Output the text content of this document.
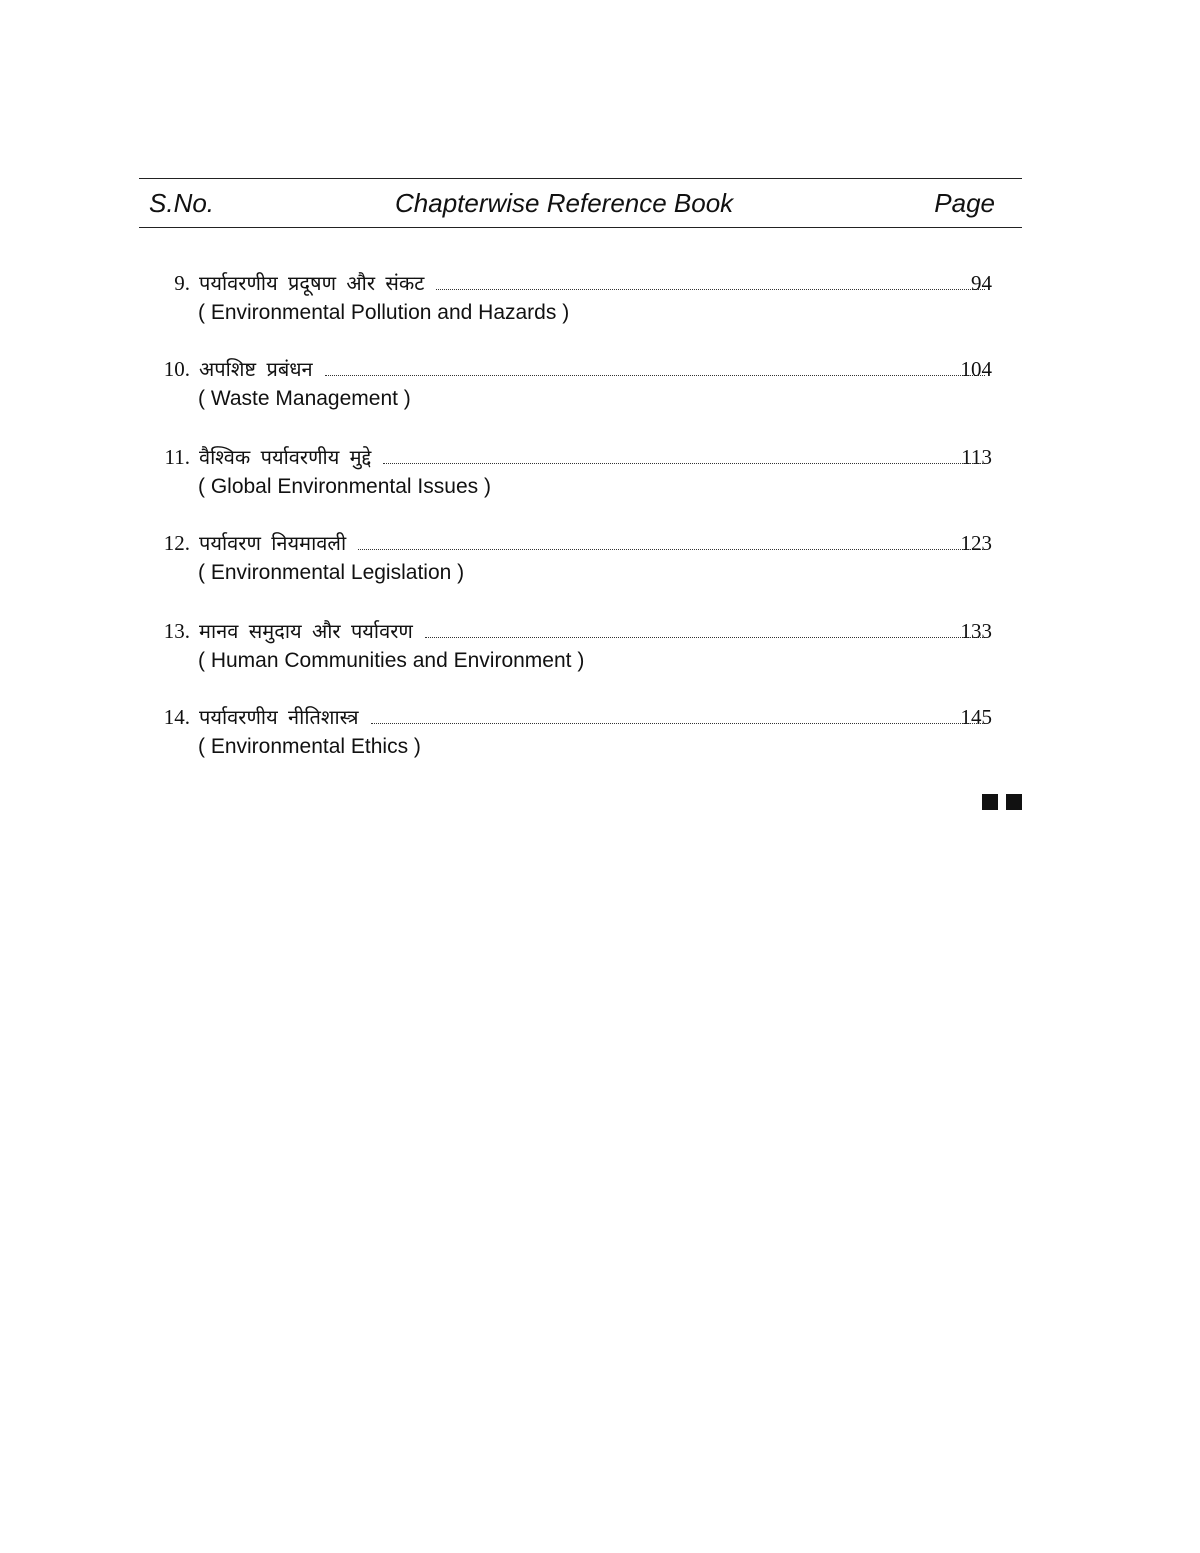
S.No.	Chapterwise Reference Book	Page
9. पर्यावरणीय प्रदूषण और संकट	94
( Environmental Pollution and Hazards )
10. अपशिष्ट प्रबंधन	104
( Waste Management )
11. वैश्विक पर्यावरणीय मुद्दे	113
( Global Environmental Issues )
12. पर्यावरण नियमावली	123
( Environmental Legislation )
13. मानव समुदाय और पर्यावरण	133
( Human Communities and Environment )
14. पर्यावरणीय नीतिशास्त्र	145
( Environmental Ethics )
